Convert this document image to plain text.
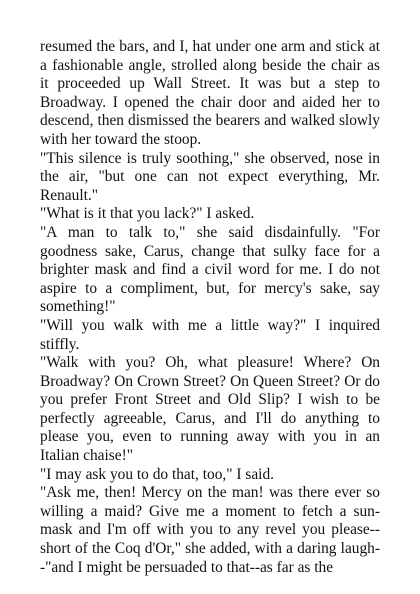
resumed the bars, and I, hat under one arm and stick at a fashionable angle, strolled along beside the chair as it proceeded up Wall Street. It was but a step to Broadway. I opened the chair door and aided her to descend, then dismissed the bearers and walked slowly with her toward the stoop.

"This silence is truly soothing," she observed, nose in the air, "but one can not expect everything, Mr. Renault."

"What is it that you lack?" I asked.

"A man to talk to," she said disdainfully. "For goodness sake, Carus, change that sulky face for a brighter mask and find a civil word for me. I do not aspire to a compliment, but, for mercy's sake, say something!"

"Will you walk with me a little way?" I inquired stiffly.

"Walk with you? Oh, what pleasure! Where? On Broadway? On Crown Street? On Queen Street? Or do you prefer Front Street and Old Slip? I wish to be perfectly agreeable, Carus, and I'll do anything to please you, even to running away with you in an Italian chaise!"

"I may ask you to do that, too," I said.

"Ask me, then! Mercy on the man! was there ever so willing a maid? Give me a moment to fetch a sun-mask and I'm off with you to any revel you please--short of the Coq d'Or," she added, with a daring laugh--"and I might be persuaded to that--as far as the
